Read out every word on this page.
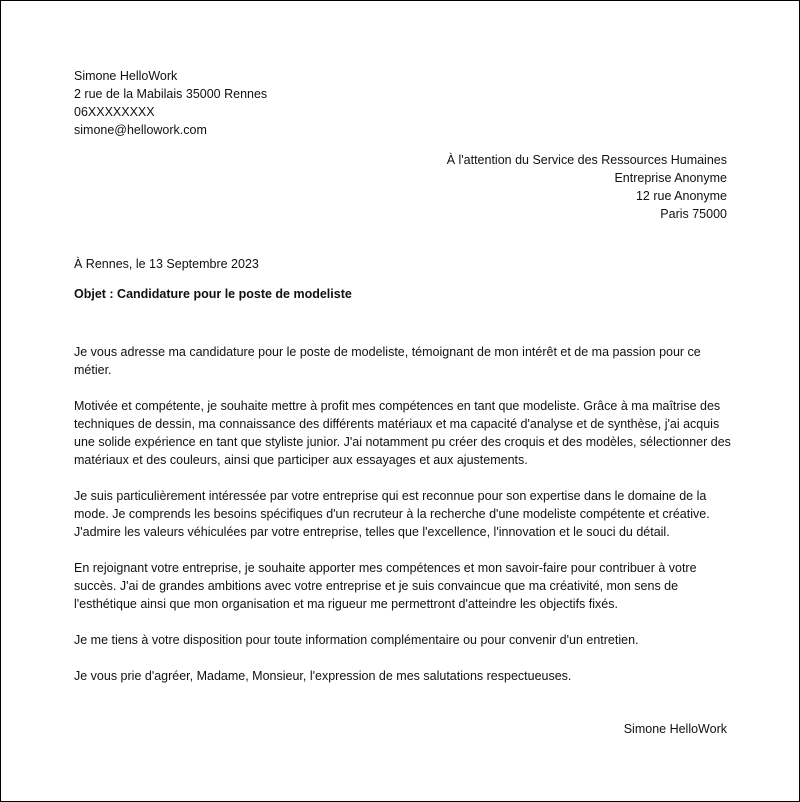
Simone HelloWork
2 rue de la Mabilais 35000 Rennes
06XXXXXXXX
simone@hellowork.com
À l'attention du Service des Ressources Humaines
Entreprise Anonyme
12 rue Anonyme
Paris 75000
À Rennes, le 13 Septembre 2023
Objet : Candidature pour le poste de modeliste

Je vous adresse ma candidature pour le poste de modeliste, témoignant de mon intérêt et de ma passion pour ce métier.

Motivée et compétente, je souhaite mettre à profit mes compétences en tant que modeliste. Grâce à ma maîtrise des techniques de dessin, ma connaissance des différents matériaux et ma capacité d'analyse et de synthèse, j'ai acquis une solide expérience en tant que styliste junior. J'ai notamment pu créer des croquis et des modèles, sélectionner des matériaux et des couleurs, ainsi que participer aux essayages et aux ajustements.

Je suis particulièrement intéressée par votre entreprise qui est reconnue pour son expertise dans le domaine de la mode. Je comprends les besoins spécifiques d'un recruteur à la recherche d'une modeliste compétente et créative. J'admire les valeurs véhiculées par votre entreprise, telles que l'excellence, l'innovation et le souci du détail.

En rejoignant votre entreprise, je souhaite apporter mes compétences et mon savoir-faire pour contribuer à votre succès. J'ai de grandes ambitions avec votre entreprise et je suis convaincue que ma créativité, mon sens de l'esthétique ainsi que mon organisation et ma rigueur me permettront d'atteindre les objectifs fixés.

Je me tiens à votre disposition pour toute information complémentaire ou pour convenir d'un entretien.

Je vous prie d'agréer, Madame, Monsieur, l'expression de mes salutations respectueuses.

Simone HelloWork
